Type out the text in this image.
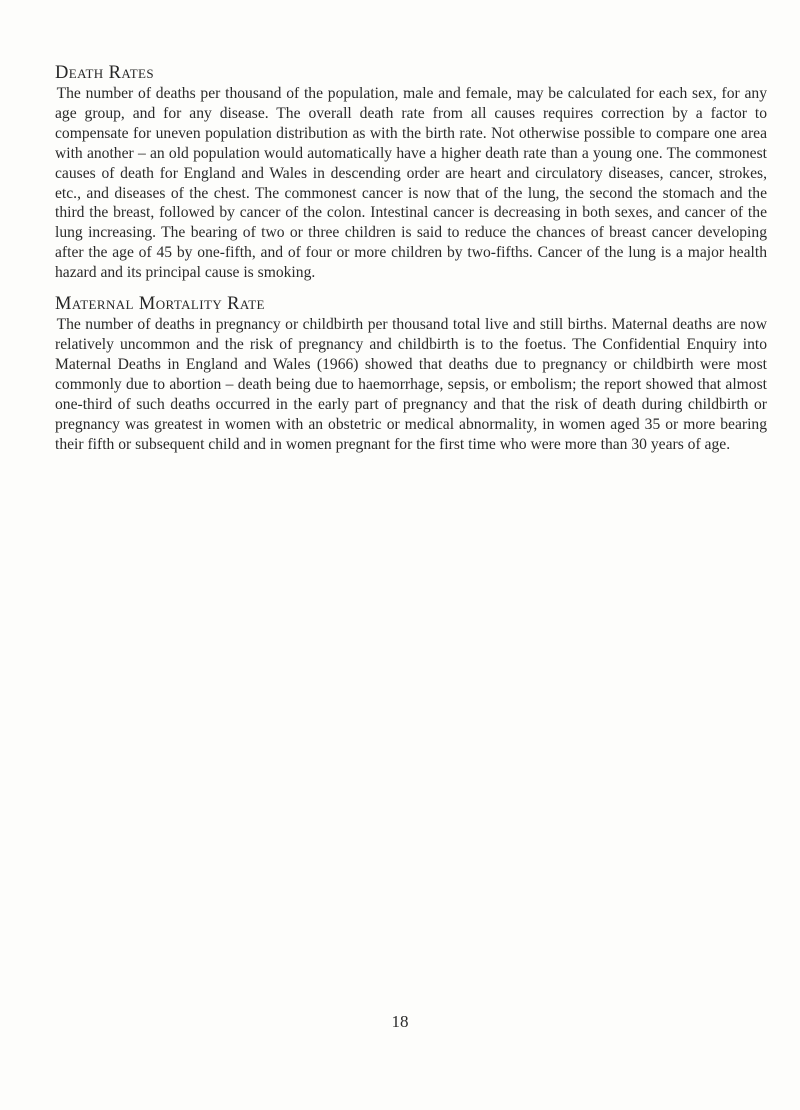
Death Rates

The number of deaths per thousand of the population, male and female, may be calculated for each sex, for any age group, and for any disease. The overall death rate from all causes requires correction by a factor to compensate for uneven population distribution as with the birth rate. Not otherwise possible to compare one area with another – an old population would automatically have a higher death rate than a young one. The commonest causes of death for England and Wales in descending order are heart and circulatory diseases, cancer, strokes, etc., and diseases of the chest. The commonest cancer is now that of the lung, the second the stomach and the third the breast, followed by cancer of the colon. Intestinal cancer is decreasing in both sexes, and cancer of the lung increasing. The bearing of two or three children is said to reduce the chances of breast cancer developing after the age of 45 by one-fifth, and of four or more children by two-fifths. Cancer of the lung is a major health hazard and its principal cause is smoking.

Maternal Mortality Rate

The number of deaths in pregnancy or childbirth per thousand total live and still births. Maternal deaths are now relatively uncommon and the risk of pregnancy and childbirth is to the foetus. The Confidential Enquiry into Maternal Deaths in England and Wales (1966) showed that deaths due to pregnancy or childbirth were most commonly due to abortion – death being due to haemorrhage, sepsis, or embolism; the report showed that almost one-third of such deaths occurred in the early part of pregnancy and that the risk of death during childbirth or pregnancy was greatest in women with an obstetric or medical abnormality, in women aged 35 or more bearing their fifth or subsequent child and in women pregnant for the first time who were more than 30 years of age.

18
